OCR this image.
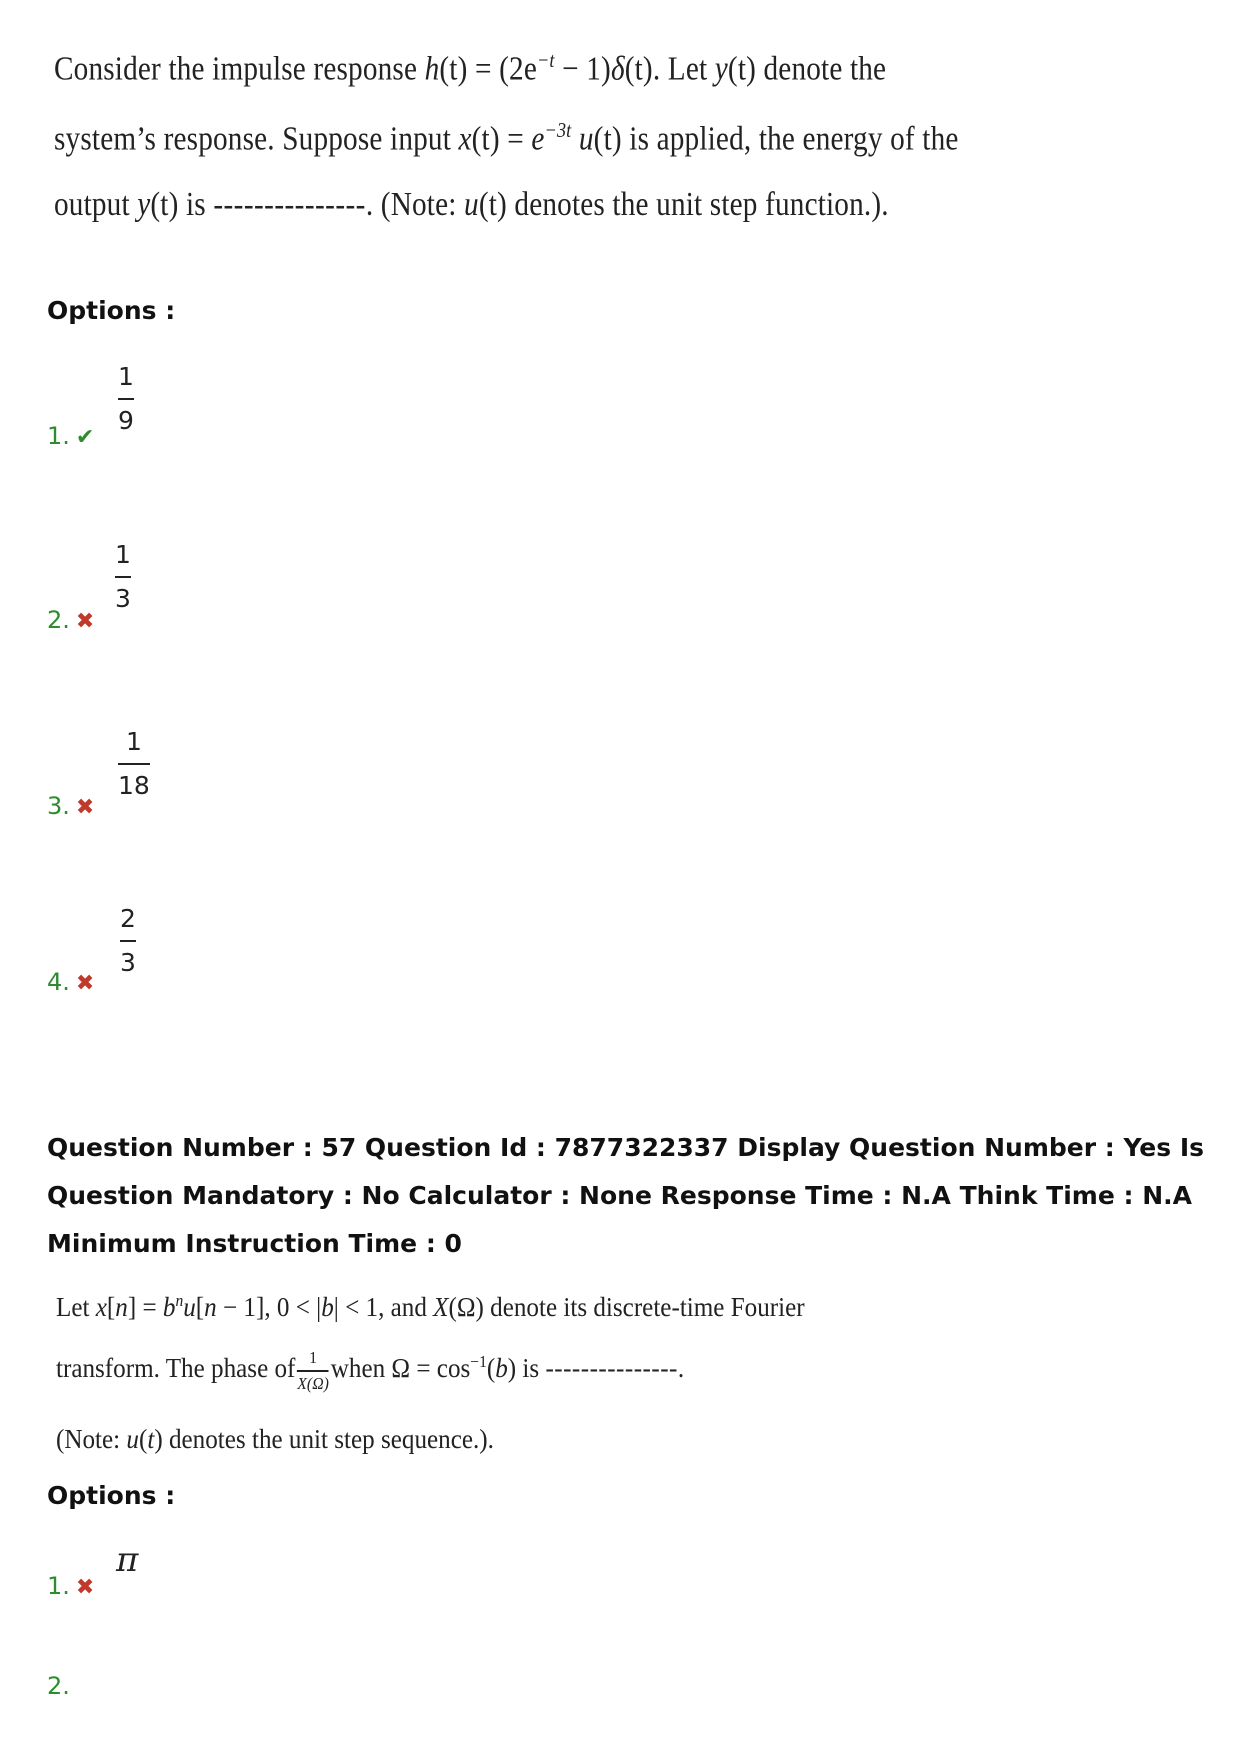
Consider the impulse response $h(t) = (2e^{-t} - 1)\delta(t)$. Let y(t) denote the
system’s response. Suppose input $x(t) = e^{-3t}$ u(t) is applied, the energy of the
output y(t) is ---------------. (Note: u(t) denotes the unit step function.).
Options :
1. ✔
1
9
2. ✖
1
3
3. ✖
1
18
4. ✖
2
3
Question Number : 57 Question Id : 7877322337 Display Question Number : Yes Is Question Mandatory : No Calculator : None Response Time : N.A Think Time : N.A Minimum Instruction Time : 0
Let $x[n] = b^nu[n - 1]$, 0 < |b| < 1, and X(Ω) denote its discrete-time Fourier
transform. The phase of $\frac{1}{X(\Omega)}$ when $\Omega = \cos^{-1}(b)$ is ---------------.
(Note: u(t) denotes the unit step sequence.).
Options :
1. ✖
π
2.
